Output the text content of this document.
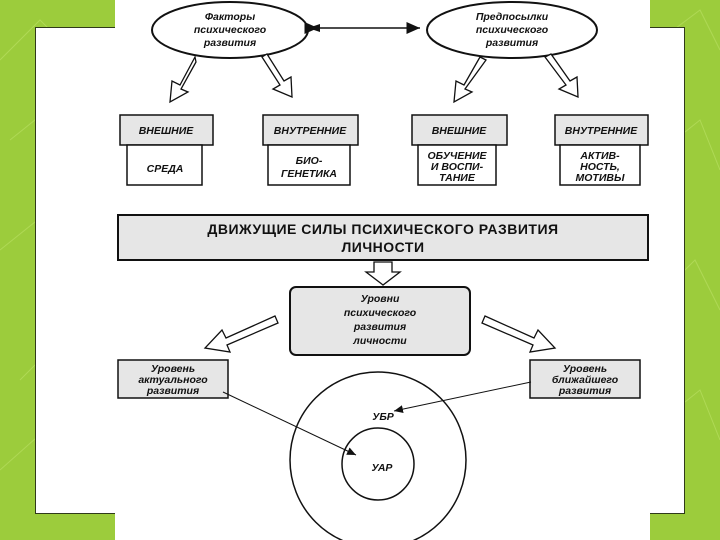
Факторы
психического
развития
Предпосылки
психического
развития
ВНЕШНИЕ	ВНУТРЕННИЕ	ВНЕШНИЕ	ВНУТРЕННИЕ
СРЕДА
БИО-
ГЕНЕТИКА
ОБУЧЕНИЕ
И ВОСПИ-
ТАНИЕ
АКТИВ-
НОСТЬ,
МОТИВЫ
ДВИЖУЩИЕ СИЛЫ ПСИХИЧЕСКОГО РАЗВИТИЯ
ЛИЧНОСТИ
Уровни
психического
развития
личности
Уровень
актуального
развития
Уровень
ближайшего
развития
УБР
УАР
